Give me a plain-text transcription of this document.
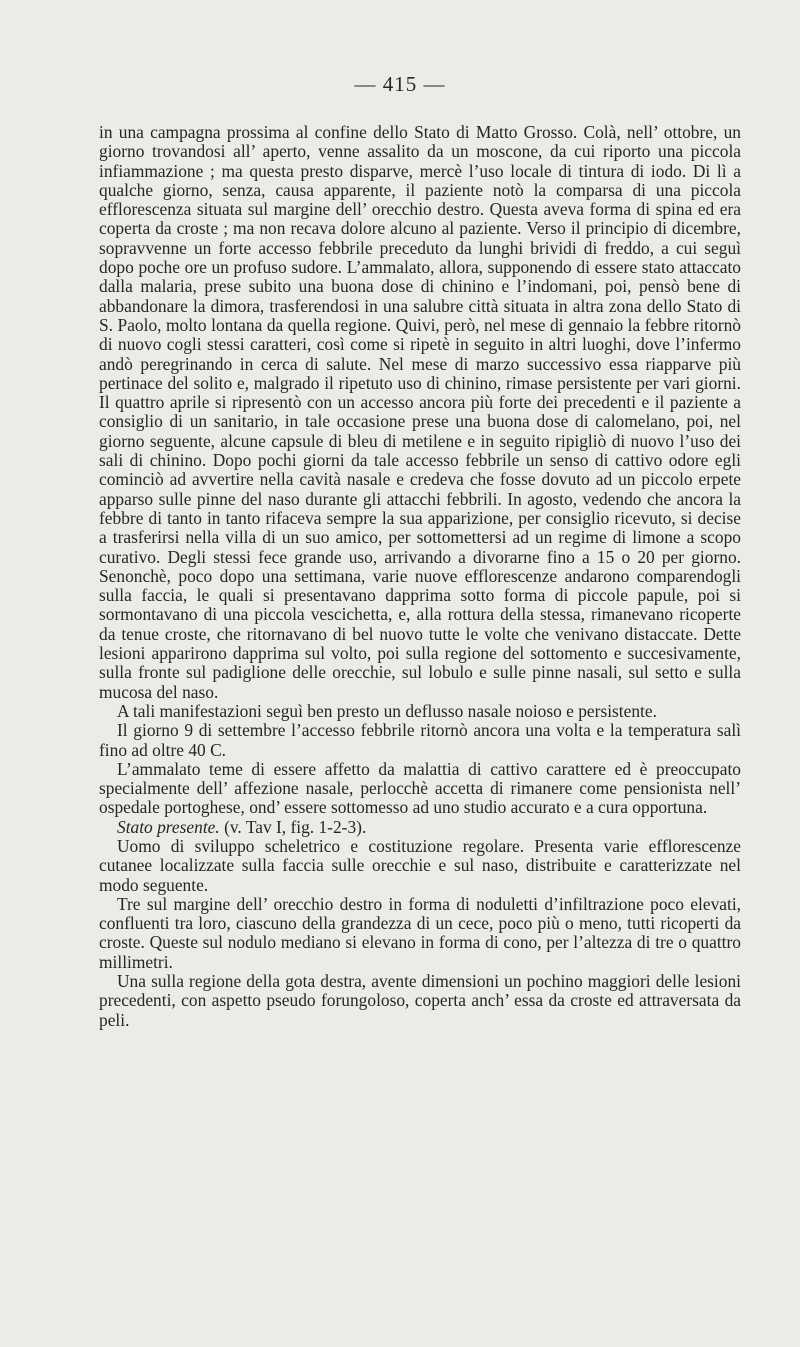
— 415 —

in una campagna prossima al confine dello Stato di Matto Grosso. Colà, nell’ ottobre, un giorno trovandosi all’ aperto, venne assalito da un moscone, da cui riporto una piccola infiammazione ; ma questa presto disparve, mercè l’uso locale di tintura di iodo. Di lì a qualche giorno, senza, causa apparente, il paziente notò la comparsa di una piccola efflorescenza situata sul margine dell’ orecchio destro. Questa aveva forma di spina ed era coperta da croste ; ma non recava dolore alcuno al paziente. Verso il principio di dicembre, sopravvenne un forte accesso febbrile preceduto da lunghi brividi di freddo, a cui seguì dopo poche ore un profuso sudore. L’ammalato, allora, supponendo di essere stato attaccato dalla malaria, prese subito una buona dose di chinino e l’indomani, poi, pensò bene di abbandonare la dimora, trasferendosi in una salubre città situata in altra zona dello Stato di S. Paolo, molto lontana da quella regione. Quivi, però, nel mese di gennaio la febbre ritornò di nuovo cogli stessi caratteri, così come si ripetè in seguito in altri luoghi, dove l’infermo andò peregrinando in cerca di salute. Nel mese di marzo successivo essa riapparve più pertinace del solito e, malgrado il ripetuto uso di chinino, rimase persistente per vari giorni. Il quattro aprile si ripresentò con un accesso ancora più forte dei precedenti e il paziente a consiglio di un sanitario, in tale occasione prese una buona dose di calomelano, poi, nel giorno seguente, alcune capsule di bleu di metilene e in seguito ripigliò di nuovo l’uso dei sali di chinino. Dopo pochi giorni da tale accesso febbrile un senso di cattivo odore egli cominciò ad avvertire nella cavità nasale e credeva che fosse dovuto ad un piccolo erpete apparso sulle pinne del naso durante gli attacchi febbrili. In agosto, vedendo che ancora la febbre di tanto in tanto rifaceva sempre la sua apparizione, per consiglio ricevuto, si decise a trasferirsi nella villa di un suo amico, per sottomettersi ad un regime di limone a scopo curativo. Degli stessi fece grande uso, arrivando a divorarne fino a 15 o 20 per giorno. Senonchè, poco dopo una settimana, varie nuove efflorescenze andarono comparendogli sulla faccia, le quali si presentavano dapprima sotto forma di piccole papule, poi si sormontavano di una piccola vescichetta, e, alla rottura della stessa, rimanevano ricoperte da tenue croste, che ritornavano di bel nuovo tutte le volte che venivano distaccate. Dette lesioni apparirono dapprima sul volto, poi sulla regione del sottomento e succesivamente, sulla fronte sul padiglione delle orecchie, sul lobulo e sulle pinne nasali, sul setto e sulla mucosa del naso.

A tali manifestazioni seguì ben presto un deflusso nasale noioso e persistente.

Il giorno 9 di settembre l’accesso febbrile ritornò ancora una volta e la temperatura salì fino ad oltre 40 C.

L’ammalato teme di essere affetto da malattia di cattivo carattere ed è preoccupato specialmente dell’ affezione nasale, perlocchè accetta di rimanere come pensionista nell’ ospedale portoghese, ond’ essere sottomesso ad uno studio accurato e a cura opportuna.

Stato presente. (v. Tav I, fig. 1-2-3).

Uomo di sviluppo scheletrico e costituzione regolare. Presenta varie efflorescenze cutanee localizzate sulla faccia sulle orecchie e sul naso, distribuite e caratterizzate nel modo seguente.

Tre sul margine dell’ orecchio destro in forma di noduletti d’infiltrazione poco elevati, confluenti tra loro, ciascuno della grandezza di un cece, poco più o meno, tutti ricoperti da croste. Queste sul nodulo mediano si elevano in forma di cono, per l’altezza di tre o quattro millimetri.

Una sulla regione della gota destra, avente dimensioni un pochino maggiori delle lesioni precedenti, con aspetto pseudo forungoloso, coperta anch’ essa da croste ed attraversata da peli.
